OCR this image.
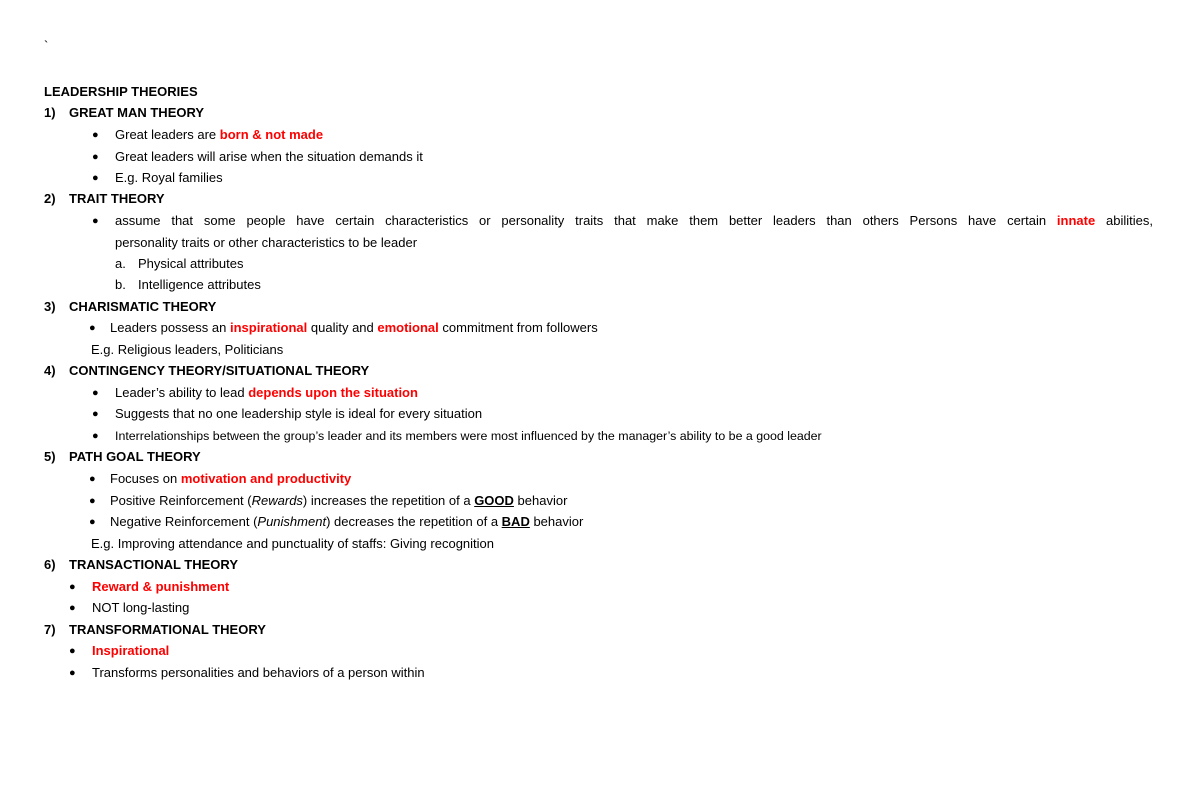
`
LEADERSHIP THEORIES
1) GREAT MAN THEORY
● Great leaders are born & not made
● Great leaders will arise when the situation demands it
● E.g. Royal families
2) TRAIT THEORY
● assume that some people have certain characteristics or personality traits that make them better leaders than others Persons have certain innate abilities,
personality traits or other characteristics to be leader
a. Physical attributes
b. Intelligence attributes
3) CHARISMATIC THEORY
● Leaders possess an inspirational quality and emotional commitment from followers
E.g. Religious leaders, Politicians
4) CONTINGENCY THEORY/SITUATIONAL THEORY
● Leader’s ability to lead depends upon the situation
● Suggests that no one leadership style is ideal for every situation
● Interrelationships between the group’s leader and its members were most influenced by the manager’s ability to be a good leader
5) PATH GOAL THEORY
● Focuses on motivation and productivity
● Positive Reinforcement (Rewards) increases the repetition of a GOOD behavior
● Negative Reinforcement (Punishment) decreases the repetition of a BAD behavior
E.g. Improving attendance and punctuality of staffs: Giving recognition
6) TRANSACTIONAL THEORY
● Reward & punishment
● NOT long-lasting
7) TRANSFORMATIONAL THEORY
● Inspirational
● Transforms personalities and behaviors of a person within
